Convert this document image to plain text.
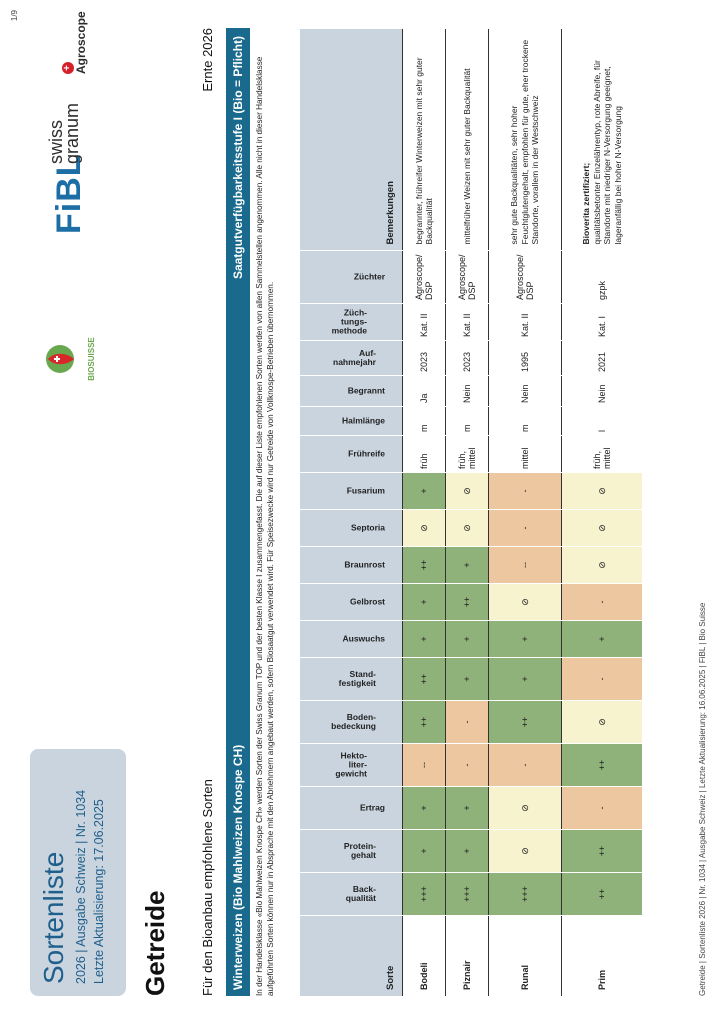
Sortenliste 2026 | Ausgabe Schweiz | Nr. 1034 Letzte Aktualisierung: 17.06.2025
BIOSUISSE
FiBL
swiss
granum
+Agroscope
Getreide Für den Bioanbau empfohlene Sorten
Ernte 2026
Winterweizen (Bio Mahlweizen Knospe CH)
Saatgutverfügbarkeitsstufe I (Bio = Pflicht)	In der Handelsklasse «Bio Mahlweizen Knospe CH» werden Sorten der Swiss Granum TOP und der besten Klasse I zusammengefasst. Die auf dieser Liste empfohlenen Sorten werden von allen Sammelstellen angenommen. Alle nicht in dieser Handelsklasse aufgeführten Sorten können nur in Absprache mit den Abnehmern angebaut werden, sofern Biosaatgut verwendet wird. Für Speisezwecke wird nur Getreide von Vollknospe-Betrieben übernommen.	Sorte	Back-
qualität	Protein-
gehalt	Ertrag	Hekto-
liter-
gewicht	Boden-
bedeckung	Stand-
festigkeit	Auswuchs	Gelbrost	Braunrost	Septoria	Fusarium	Frühreife	Halmlänge	Begrannt	Auf-
nahmejahr	Züch-
tungs-
methode	Züchter	Bemerkungen
Bodeli	+++	+	+	--	++	++	+	+	++	⊘	+	früh	m	Ja	2023	Kat. II	Agroscope/
DSP	begrannter, frühreifer Winterweizen mit sehr guter Backqualität
Piznair	+++	+	+	-	-	+	+	++	+	⊘	⊘	früh,
mittel	m	Nein	2023	Kat. II	Agroscope/
DSP	mittelfrüher Weizen mit sehr guter Backqualität
Runal	+++	⊘	⊘	-	++	+	+	⊘	--	-	-	mittel	m	Nein	1995	Kat. II	Agroscope/
DSP	sehr gute Backqualitäten, sehr hoher Feuchtglutengehalt, empfohlen für gute, eher trockene Standorte, vorallem in der Westschweiz
Prim	++	++	-	++	⊘	-	+	-	⊘	⊘	⊘	früh,
mittel	l	Nein	2021	Kat. I	gzpk	Bioverita zertifiziert;
qualitätsbetonter Einzelährentyp, rote Abreife, für Standorte mit niedriger N-Versorgung geeignet, lageranfällig bei hoher N-Versorgung
Getreide | Sortenliste 2026 | Nr. 1034 | Ausgabe Schweiz | Letzte Aktualisierung: 16.06.2025 | FiBL | Bio Suisse
1/9
